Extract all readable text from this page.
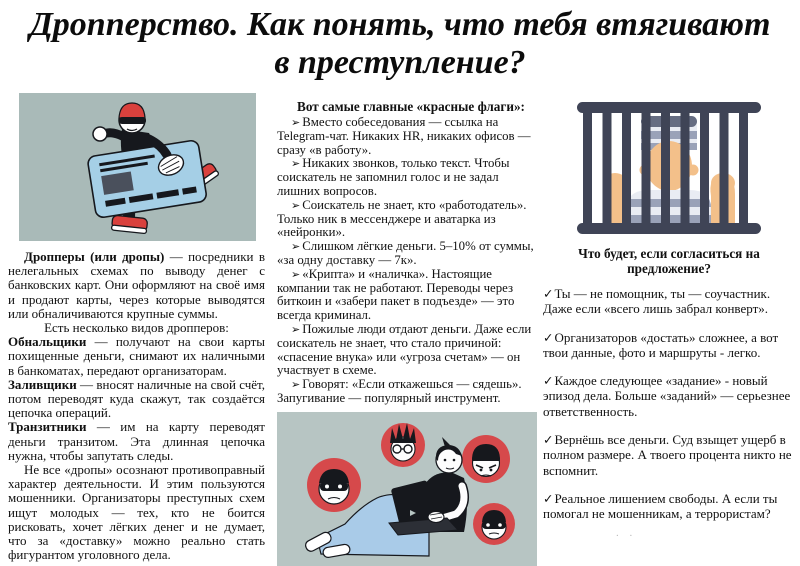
Дропперство. Как понять, что тебя втягивают
в преступление?

Дропперы (или дропы) — посредники в нелегальных схемах по выводу денег с банковских карт. Они оформляют на своё имя и продают карты, через которые выводятся или обналичиваются крупные суммы.

Есть несколько видов дропперов:

Обнальщики — получают на свои карты похищенные деньги, снимают их наличными в банкоматах, передают организаторам.

Заливщики — вносят наличные на свой счёт, потом переводят куда скажут, так создаётся цепочка операций.

Транзитники — им на карту переводят деньги транзитом. Эта длинная цепочка нужна, чтобы запутать следы.

Не все «дропы» осознают противоправный характер деятельности. И этим пользуются мошенники. Организаторы преступных схем ищут молодых — тех, кто не боится рисковать, хочет лёгких денег и не думает, что за «доставку» можно реально стать фигурантом уголовного дела.

Вот самые главные «красные флаги»:

➢ Вместо собеседования — ссылка на Telegram-чат. Никаких HR, никаких офисов — сразу «в работу».

➢ Никаких звонков, только текст. Чтобы соискатель не запомнил голос и не задал лишних вопросов.

➢ Соискатель не знает, кто «работодатель». Только ник в мессенджере и аватарка из «нейронки».

➢ Слишком лёгкие деньги. 5–10% от суммы, «за одну доставку — 7к».

➢ «Крипта» и «наличка». Настоящие компании так не работают. Переводы через биткоин и «забери пакет в подъезде» — это всегда криминал.

➢ Пожилые люди отдают деньги. Даже если соискатель не знает, что стало причиной: «спасение внука» или «угроза счетам» — он участвует в схеме.

➢ Говорят: «Если откажешься — сядешь». Запугивание — популярный инструмент.

Что будет, если согласиться на предложение?

✓Ты — не помощник, ты — соучастник. Даже если «всего лишь забрал конверт».

✓Организаторов «достать» сложнее, а вот твои данные, фото и маршруты - легко.

✓Каждое следующее «задание» - новый эпизод дела. Больше «заданий» — серьезнее ответственность.

✓Вернёшь все деньги. Суд взыщет ущерб в полном размере. А твоего процента никто не вспомнит.

✓Реальное лишением свободы. А если ты помогал не мошенникам, а террористам?

. .
